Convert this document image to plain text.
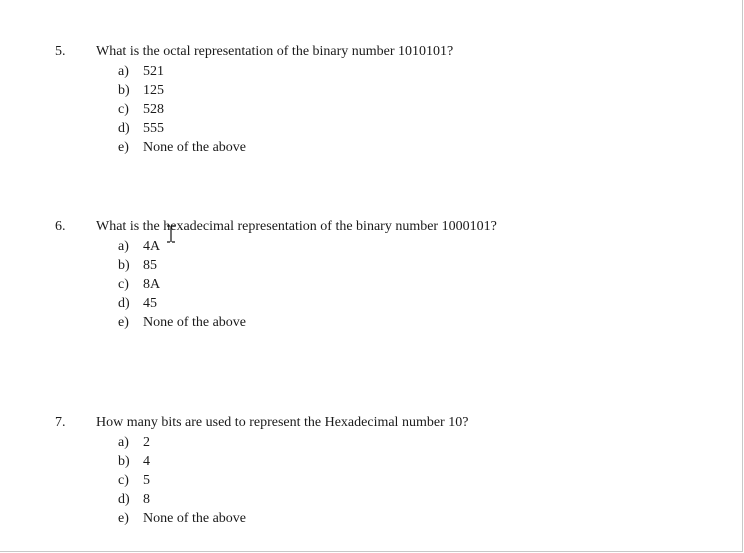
5. What is the octal representation of the binary number 1010101?
a) 521
b) 125
c) 528
d) 555
e) None of the above
6. What is the hexadecimal representation of the binary number 1000101?
a) 4A
b) 85
c) 8A
d) 45
e) None of the above
7. How many bits are used to represent the Hexadecimal number 10?
a) 2
b) 4
c) 5
d) 8
e) None of the above
